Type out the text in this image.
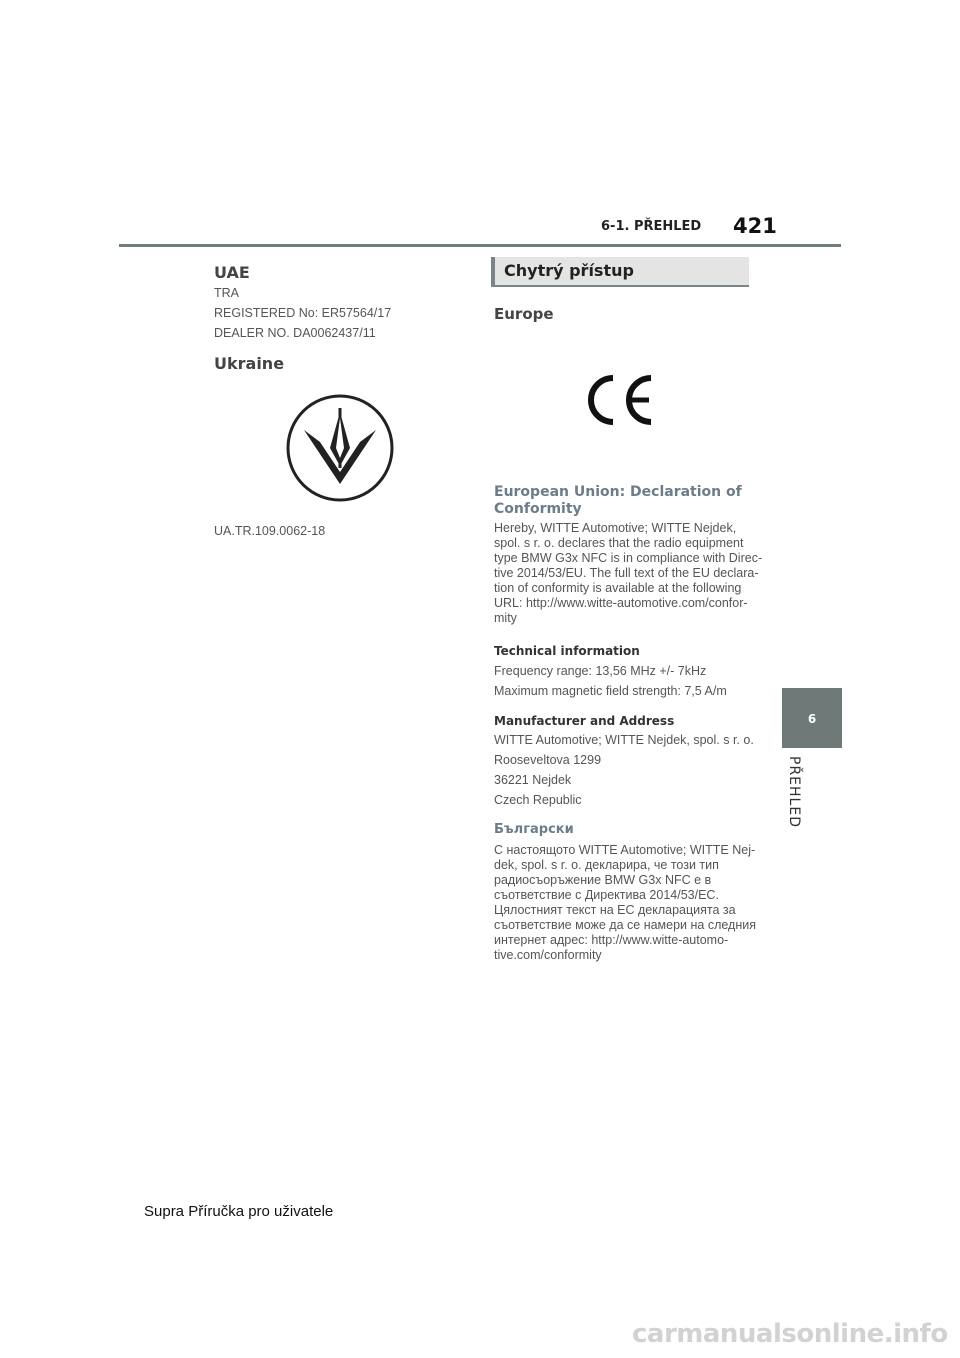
6-1. PŘEHLED 421
6
PŘEHLED
UAE
TRA
REGISTERED No: ER57564/17
DEALER NO. DA0062437/11
Ukraine
UA.TR.109.0062-18
Chytrý přístup
Europe
European Union: Declaration of
Conformity
Hereby, WITTE Automotive; WITTE Nejdek,
spol. s r. o. declares that the radio equipment
type BMW G3x NFC is in compliance with Direc-
tive 2014/53/EU. The full text of the EU declara-
tion of conformity is available at the following
URL: http://www.witte-automotive.com/confor-
mity
Technical information
Frequency range: 13,56 MHz +/- 7kHz
Maximum magnetic field strength: 7,5 A/m
Manufacturer and Address
WITTE Automotive; WITTE Nejdek, spol. s r. o.
Rooseveltova 1299
36221 Nejdek
Czech Republic
Български
С настоящото WITTE Automotive; WITTE Nej-
dek, spol. s r. o. декларира, че този тип
радиосъоръжение BMW G3x NFC е в
съответствие с Директива 2014/53/ЕС.
Цялостният текст на ЕС декларацията за
съответствие може да се намери на следния
интернет адрес: http://www.witte-automo-
tive.com/conformity
Supra Příručka pro uživatele
carmanualsonline.info
